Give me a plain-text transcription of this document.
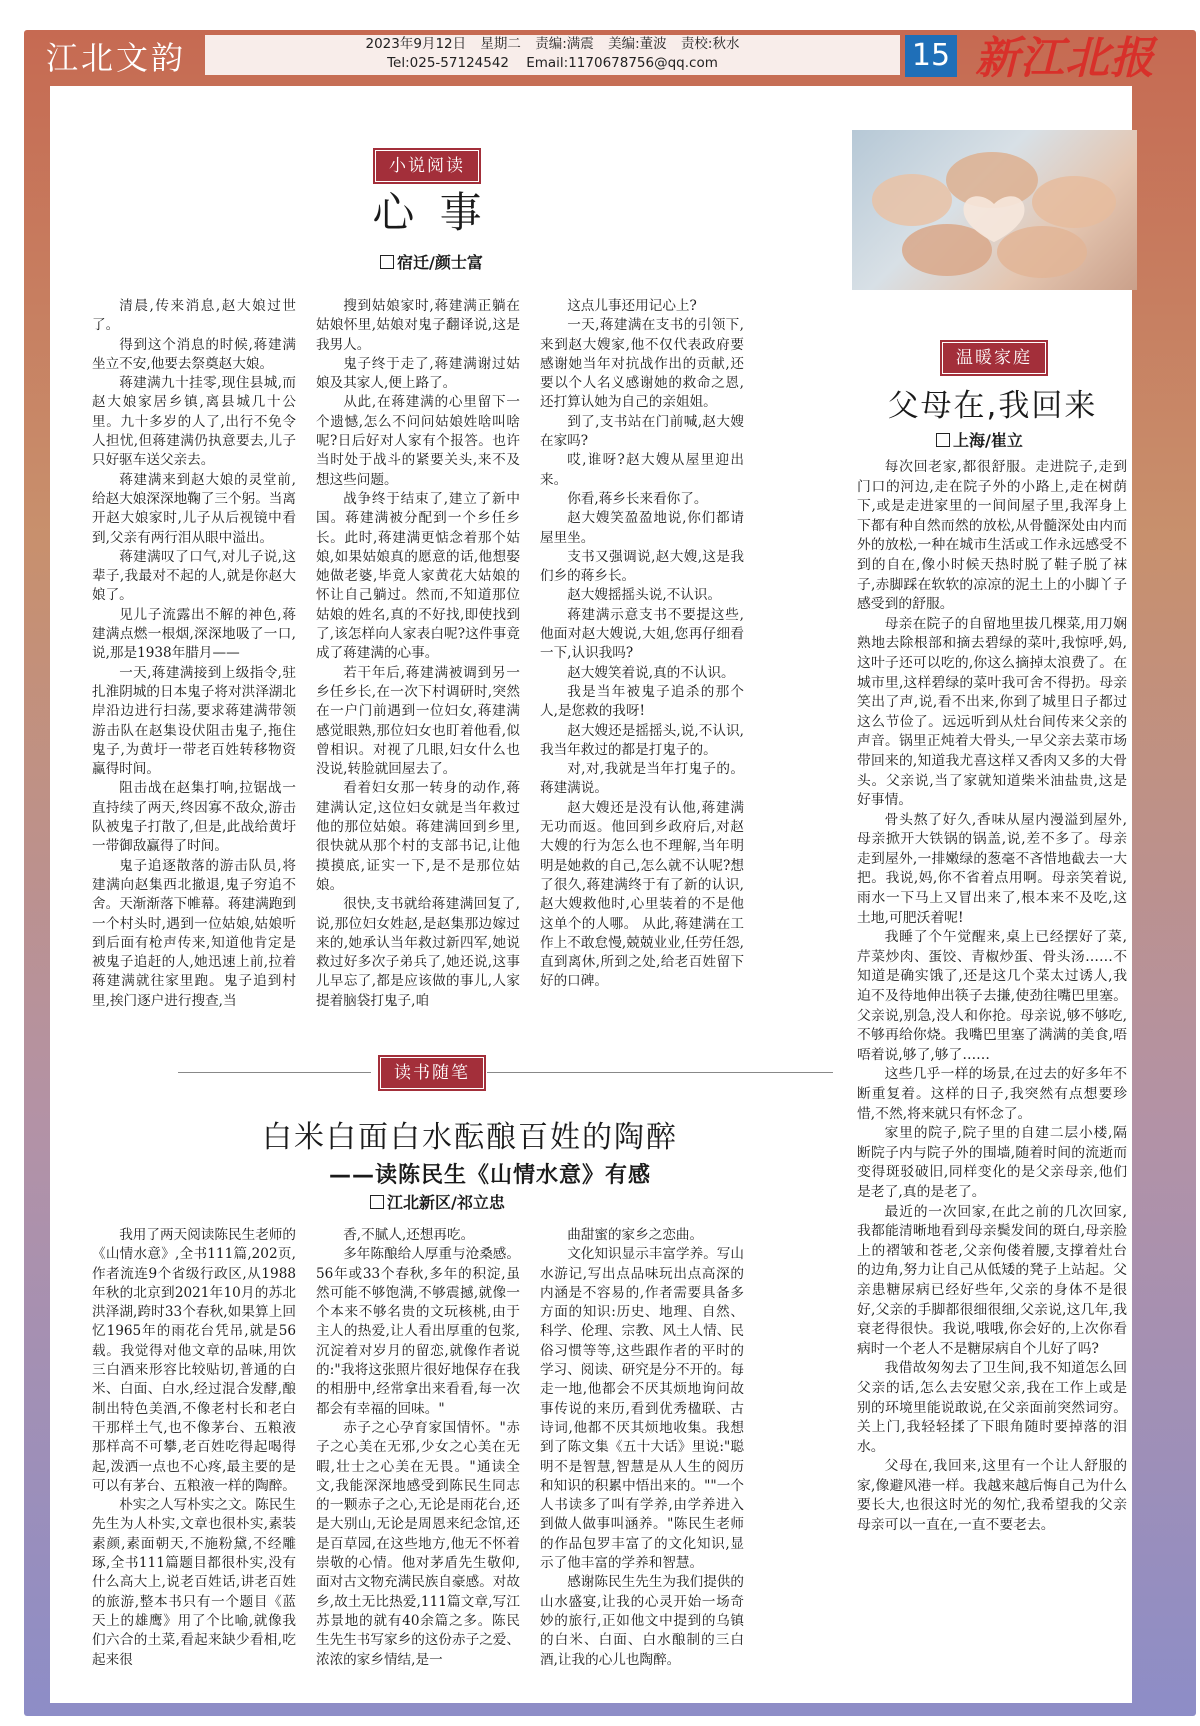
江北文韵	2023年9月12日 星期二 责编:满震 美编:董波 责校:秋水
Tel:025-57124542 Email:1170678756@qq.com	15 新江北报
小说阅读
心 事
宿迁/颜士富

清晨,传来消息,赵大娘过世了。

得到这个消息的时候,蒋建满坐立不安,他要去祭奠赵大娘。

蒋建满九十挂零,现住县城,而赵大娘家居乡镇,离县城几十公里。九十多岁的人了,出行不免令人担忧,但蒋建满仍执意要去,儿子只好驱车送父亲去。

蒋建满来到赵大娘的灵堂前,给赵大娘深深地鞠了三个躬。当离开赵大娘家时,儿子从后视镜中看到,父亲有两行泪从眼中溢出。

蒋建满叹了口气,对儿子说,这辈子,我最对不起的人,就是你赵大娘了。

见儿子流露出不解的神色,蒋建满点燃一根烟,深深地吸了一口,说,那是1938年腊月——

一天,蒋建满接到上级指令,驻扎淮阴城的日本鬼子将对洪泽湖北岸沿边进行扫荡,要求蒋建满带领游击队在赵集设伏阻击鬼子,拖住鬼子,为黄圩一带老百姓转移物资赢得时间。

阻击战在赵集打响,拉锯战一直持续了两天,终因寡不敌众,游击队被鬼子打散了,但是,此战给黄圩一带御敌赢得了时间。

鬼子追逐散落的游击队员,将建满向赵集西北撤退,鬼子穷追不舍。天渐渐落下帷幕。蒋建满跑到一个村头时,遇到一位姑娘,姑娘听到后面有枪声传来,知道他肯定是被鬼子追赶的人,她迅速上前,拉着蒋建满就往家里跑。鬼子追到村里,挨门逐户进行搜查,当

搜到姑娘家时,蒋建满正躺在姑娘怀里,姑娘对鬼子翻译说,这是我男人。

鬼子终于走了,蒋建满谢过姑娘及其家人,便上路了。

从此,在蒋建满的心里留下一个遗憾,怎么不问问姑娘姓啥叫啥呢?日后好对人家有个报答。也许当时处于战斗的紧要关头,来不及想这些问题。

战争终于结束了,建立了新中国。蒋建满被分配到一个乡任乡长。此时,蒋建满更惦念着那个姑娘,如果姑娘真的愿意的话,他想娶她做老婆,毕竟人家黄花大姑娘的怀让自己躺过。然而,不知道那位姑娘的姓名,真的不好找,即使找到了,该怎样向人家表白呢?这件事竟成了蒋建满的心事。

若干年后,蒋建满被调到另一乡任乡长,在一次下村调研时,突然在一户门前遇到一位妇女,蒋建满感觉眼熟,那位妇女也盯着他看,似曾相识。对视了几眼,妇女什么也没说,转脸就回屋去了。

看着妇女那一转身的动作,蒋建满认定,这位妇女就是当年救过他的那位姑娘。蒋建满回到乡里,很快就从那个村的支部书记,让他摸摸底,证实一下,是不是那位姑娘。

很快,支书就给蒋建满回复了,说,那位妇女姓赵,是赵集那边嫁过来的,她承认当年救过新四军,她说救过好多次子弟兵了,她还说,这事儿早忘了,都是应该做的事儿,人家提着脑袋打鬼子,咱

这点儿事还用记心上?

一天,蒋建满在支书的引领下,来到赵大嫂家,他不仅代表政府要感谢她当年对抗战作出的贡献,还要以个人名义感谢她的救命之恩,还打算认她为自己的亲姐姐。

到了,支书站在门前喊,赵大嫂在家吗?

哎,谁呀?赵大嫂从屋里迎出来。

你看,蒋乡长来看你了。

赵大嫂笑盈盈地说,你们都请屋里坐。

支书又强调说,赵大嫂,这是我们乡的蒋乡长。

赵大嫂摇摇头说,不认识。

蒋建满示意支书不要提这些,他面对赵大嫂说,大姐,您再仔细看一下,认识我吗?

赵大嫂笑着说,真的不认识。

我是当年被鬼子追杀的那个人,是您救的我呀!

赵大嫂还是摇摇头,说,不认识,我当年救过的都是打鬼子的。

对,对,我就是当年打鬼子的。蒋建满说。

赵大嫂还是没有认他,蒋建满无功而返。他回到乡政府后,对赵大嫂的行为怎么也不理解,当年明明是她救的自己,怎么就不认呢?想了很久,蒋建满终于有了新的认识,赵大嫂救他时,心里装着的不是他这单个的人哪。 从此,蒋建满在工作上不敢怠慢,兢兢业业,任劳任怨,直到离休,所到之处,给老百姓留下好的口碑。

温暖家庭
父母在,我回来
上海/崔立

每次回老家,都很舒服。走进院子,走到门口的河边,走在院子外的小路上,走在树荫下,或是走进家里的一间间屋子里,我浑身上下都有种自然而然的放松,从骨髓深处由内而外的放松,一种在城市生活或工作永远感受不到的自在,像小时候天热时脱了鞋子脱了袜子,赤脚踩在软软的凉凉的泥土上的小脚丫子感受到的舒服。

母亲在院子的自留地里拔几棵菜,用刀娴熟地去除根部和摘去碧绿的菜叶,我惊呼,妈,这叶子还可以吃的,你这么摘掉太浪费了。在城市里,这样碧绿的菜叶我可舍不得扔。母亲笑出了声,说,看不出来,你到了城里日子都过这么节俭了。远远听到从灶台间传来父亲的声音。锅里正炖着大骨头,一早父亲去菜市场带回来的,知道我尤喜这样又香肉又多的大骨头。父亲说,当了家就知道柴米油盐贵,这是好事情。

骨头熬了好久,香味从屋内漫溢到屋外,母亲掀开大铁锅的锅盖,说,差不多了。母亲走到屋外,一排嫩绿的葱毫不吝惜地截去一大把。我说,妈,你不省着点用啊。母亲笑着说,雨水一下马上又冒出来了,根本来不及吃,这土地,可肥沃着呢!

我睡了个午觉醒来,桌上已经摆好了菜,芹菜炒肉、蛋饺、青椒炒蛋、骨头汤……不知道是确实饿了,还是这几个菜太过诱人,我迫不及待地伸出筷子去搛,使劲往嘴巴里塞。父亲说,别急,没人和你抢。母亲说,够不够吃,不够再给你烧。我嘴巴里塞了满满的美食,唔唔着说,够了,够了……

这些几乎一样的场景,在过去的好多年不断重复着。这样的日子,我突然有点想要珍惜,不然,将来就只有怀念了。

家里的院子,院子里的自建二层小楼,隔断院子内与院子外的围墙,随着时间的流逝而变得斑驳破旧,同样变化的是父亲母亲,他们是老了,真的是老了。

最近的一次回家,在此之前的几次回家,我都能清晰地看到母亲鬓发间的斑白,母亲脸上的褶皱和苍老,父亲佝偻着腰,支撑着灶台的边角,努力让自己从低矮的凳子上站起。父亲患糖尿病已经好些年,父亲的身体不是很好,父亲的手脚都很细很细,父亲说,这几年,我衰老得很快。我说,哦哦,你会好的,上次你看病时一个老人不是糖尿病自个儿好了吗?

我借故匆匆去了卫生间,我不知道怎么回父亲的话,怎么去安慰父亲,我在工作上或是别的环境里能说敢说,在父亲面前突然词穷。关上门,我轻轻揉了下眼角随时要掉落的泪水。

父母在,我回来,这里有一个让人舒服的家,像避风港一样。我越来越后悔自己为什么要长大,也很这时光的匆忙,我希望我的父亲母亲可以一直在,一直不要老去。

读书随笔
白米白面白水酝酿百姓的陶醉
——读陈民生《山情水意》有感
江北新区/祁立忠

我用了两天阅读陈民生老师的《山情水意》,全书111篇,202页,作者流连9个省级行政区,从1988年秋的北京到2021年10月的苏北洪泽湖,跨时33个春秋,如果算上回忆1965年的雨花台凭吊,就是56载。我觉得对他文章的品味,用饮三白酒来形容比较贴切,普通的白米、白面、白水,经过混合发酵,酿制出特色美酒,不像老村长和老白干那样土气,也不像茅台、五粮液那样高不可攀,老百姓吃得起喝得起,泼洒一点也不心疼,最主要的是可以有茅台、五粮液一样的陶醉。

朴实之人写朴实之文。陈民生先生为人朴实,文章也很朴实,素装素颜,素面朝天,不施粉黛,不经雕琢,全书111篇题目都很朴实,没有什么高大上,说老百姓话,讲老百姓的旅游,整本书只有一个题目《蓝天上的雄鹰》用了个比喻,就像我们六合的土菜,看起来缺少看相,吃起来很

香,不腻人,还想再吃。

多年陈酿给人厚重与沧桑感。56年或33个春秋,多年的积淀,虽然可能不够饱满,不够震撼,就像一个本来不够名贵的文玩核桃,由于主人的热爱,让人看出厚重的包浆,沉淀着对岁月的留恋,就像作者说的:"我将这张照片很好地保存在我的相册中,经常拿出来看看,每一次都会有幸福的回味。"

赤子之心孕育家国情怀。"赤子之心美在无邪,少女之心美在无暇,壮士之心美在无畏。"通读全文,我能深深地感受到陈民生同志的一颗赤子之心,无论是雨花台,还是大别山,无论是周恩来纪念馆,还是百草园,在这些地方,他无不怀着崇敬的心情。他对茅盾先生敬仰,面对古文物充满民族自豪感。对故乡,故土无比热爱,111篇文章,写江苏景地的就有40余篇之多。陈民生先生书写家乡的这份赤子之爱、浓浓的家乡情结,是一

曲甜蜜的家乡之恋曲。

文化知识显示丰富学养。写山水游记,写出点品味玩出点高深的内涵是不容易的,作者需要具备多方面的知识:历史、地理、自然、科学、伦理、宗教、风土人情、民俗习惯等等,这些跟作者的平时的学习、阅读、研究是分不开的。每走一地,他都会不厌其烦地询问故事传说的来历,看到优秀楹联、古诗词,他都不厌其烦地收集。我想到了陈文集《五十大话》里说:"聪明不是智慧,智慧是从人生的阅历和知识的积累中悟出来的。""一个人书读多了叫有学养,由学养进入到做人做事叫涵养。"陈民生老师的作品包罗丰富了的文化知识,显示了他丰富的学养和智慧。

感谢陈民生先生为我们提供的山水盛宴,让我的心灵开始一场奇妙的旅行,正如他文中提到的乌镇的白米、白面、白水酿制的三白酒,让我的心儿也陶醉。
